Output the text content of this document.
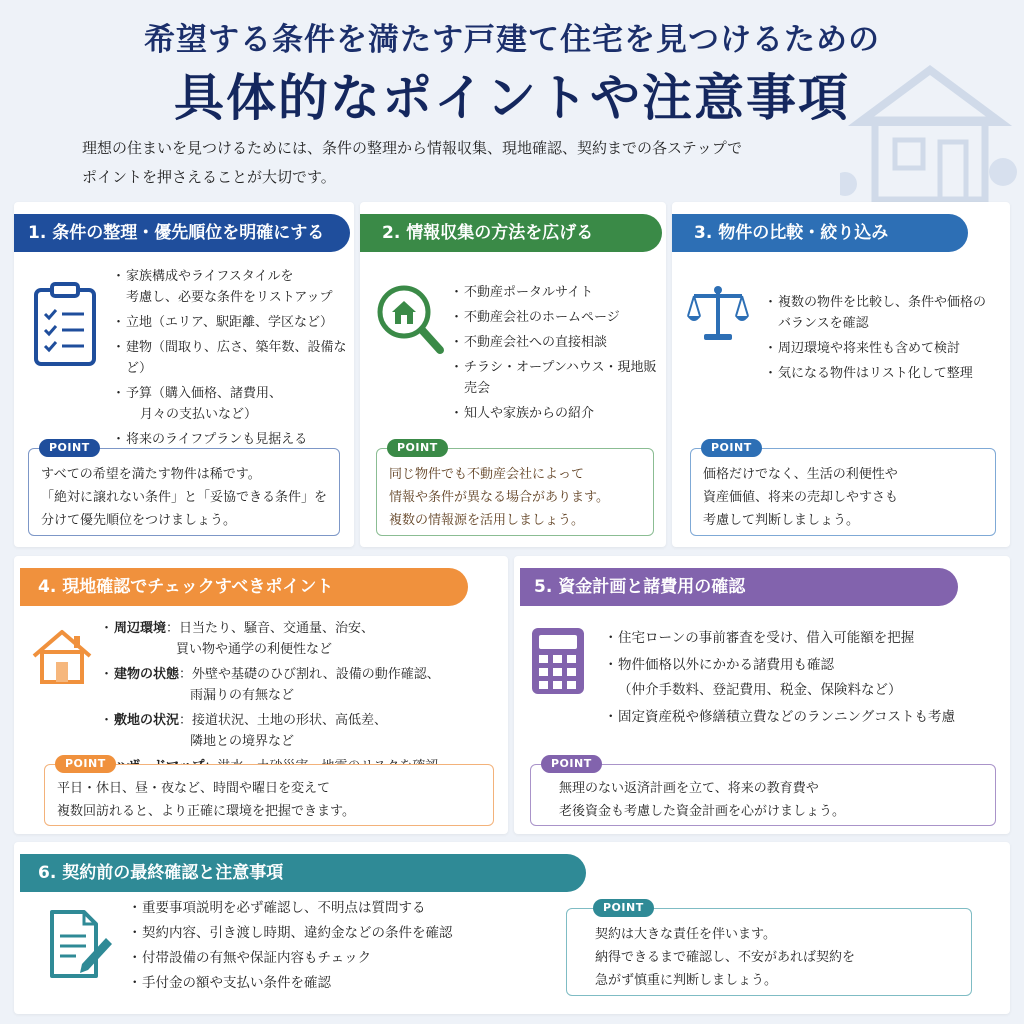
希望する条件を満たす戸建て住宅を見つけるための
具体的なポイントや注意事項
理想の住まいを見つけるためには、条件の整理から情報収集、現地確認、契約までの各ステップで
ポイントを押さえることが大切です。
1. 条件の整理・優先順位を明確にする
・ 家族構成やライフスタイルを
考慮し、必要な条件をリストアップ
・ 立地（エリア、駅距離、学区など）
・ 建物（間取り、広さ、築年数、設備など）
・ 予算（購入価格、諸費用、
月々の支払いなど）
・ 将来のライフプランも見据える
POINT
すべての希望を満たす物件は稀です。
「絶対に譲れない条件」と「妥協できる条件」を
分けて優先順位をつけましょう。
2. 情報収集の方法を広げる
・ 不動産ポータルサイト
・ 不動産会社のホームページ
・ 不動産会社への直接相談
・ チラシ・オープンハウス・現地販売会
・ 知人や家族からの紹介
POINT
同じ物件でも不動産会社によって
情報や条件が異なる場合があります。
複数の情報源を活用しましょう。
3. 物件の比較・絞り込み
・ 複数の物件を比較し、条件や価格の
バランスを確認
・ 周辺環境や将来性も含めて検討
・ 気になる物件はリスト化して整理
POINT
価格だけでなく、生活の利便性や
資産価値、将来の売却しやすさも
考慮して判断しましょう。
4. 現地確認でチェックすべきポイント
・ 周辺環境：日当たり、騒音、交通量、治安、
買い物や通学の利便性など
・ 建物の状態：外壁や基礎のひび割れ、設備の動作確認、
雨漏りの有無など
・ 敷地の状況：接道状況、土地の形状、高低差、
隣地との境界など
・
POINT
平日・休日、昼・夜など、時間や曜日を変えて
複数回訪れると、より正確に環境を把握できます。
5. 資金計画と諸費用の確認
・ 住宅ローンの事前審査を受け、借入可能額を把握
・ 物件価格以外にかかる諸費用も確認
（仲介手数料、登記費用、税金、保険料など）
・ 固定資産税や修繕積立費などのランニングコストも考慮
POINT
無理のない返済計画を立て、将来の教育費や
老後資金も考慮した資金計画を心がけましょう。
6. 契約前の最終確認と注意事項
・ 重要事項説明を必ず確認し、不明点は質問する
・ 契約内容、引き渡し時期、違約金などの条件を確認
・ 付帯設備の有無や保証内容もチェック
・ 手付金の額や支払い条件を確認
POINT
契約は大きな責任を伴います。
納得できるまで確認し、不安があれば契約を
急がず慎重に判断しましょう。
